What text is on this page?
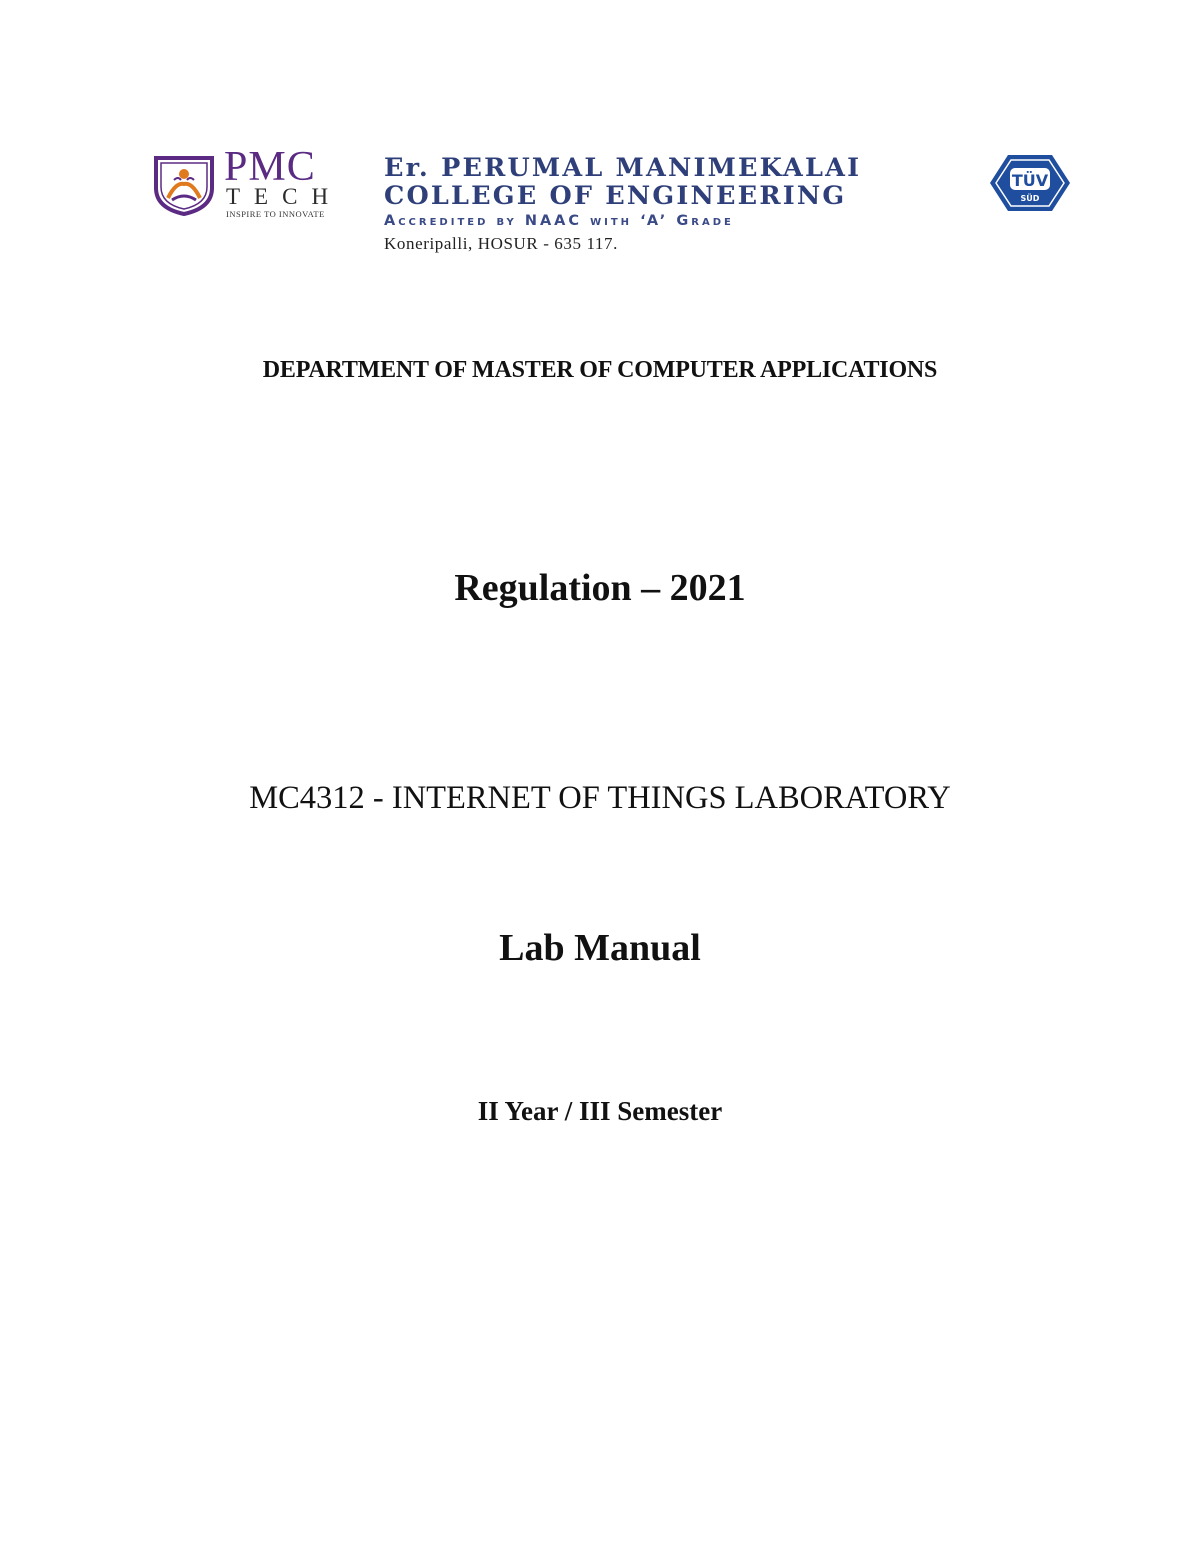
PMC
TECH
INSPIRE TO INNOVATE
Er. PERUMAL MANIMEKALAI
COLLEGE OF ENGINEERING
Accredited by NAAC with ‘A’ Grade
Koneripalli, HOSUR - 635 117.
TÜV
SÜD
DEPARTMENT OF MASTER OF COMPUTER APPLICATIONS
Regulation – 2021
MC4312 - INTERNET OF THINGS LABORATORY
Lab Manual
II Year / III Semester
